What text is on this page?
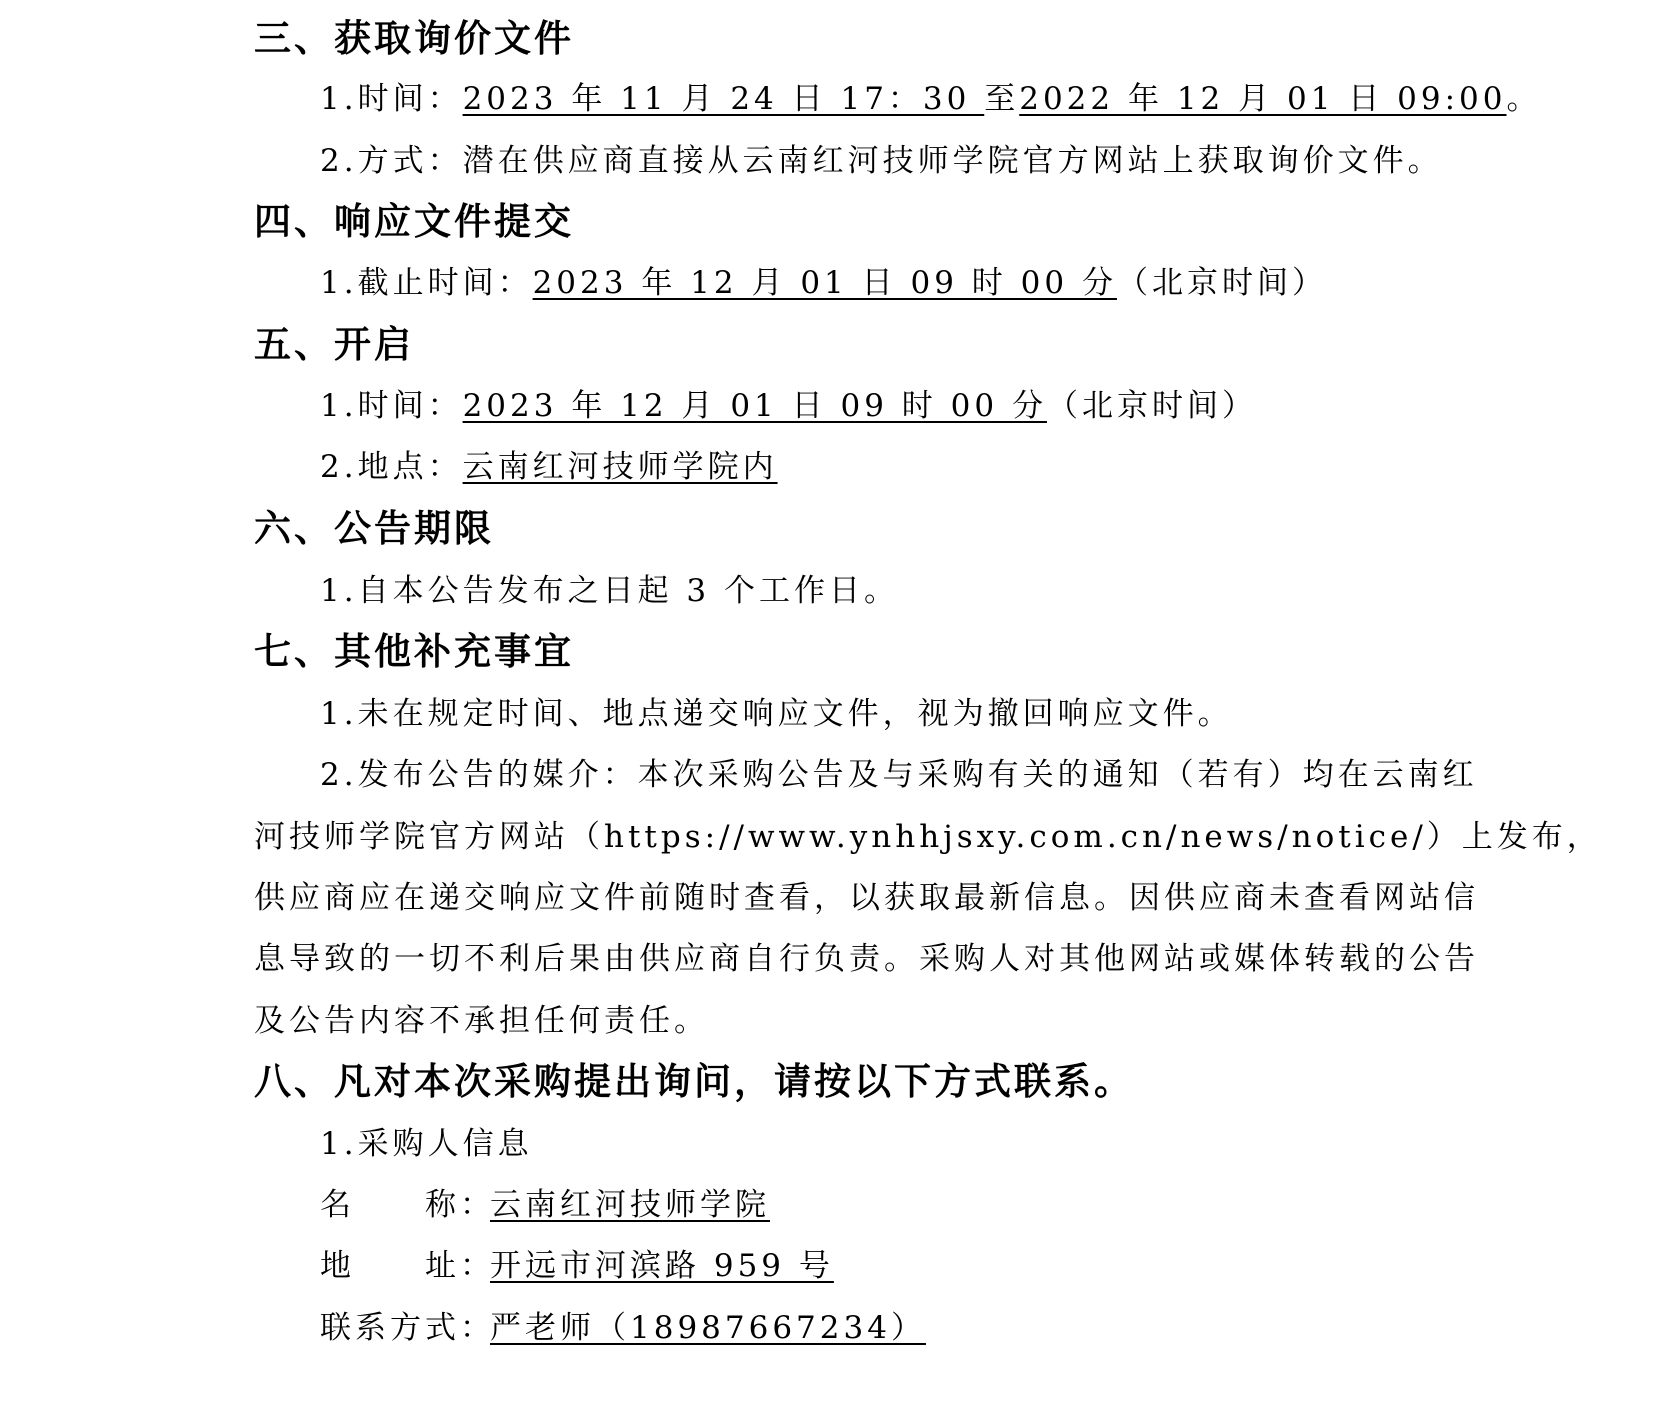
三、获取询价文件
1.时间：2023 年 11 月 24 日 17：30 至2022 年 12 月 01 日 09:00。
2.方式：潜在供应商直接从云南红河技师学院官方网站上获取询价文件。
四、响应文件提交
1.截止时间：2023 年 12 月 01 日 09 时 00 分（北京时间）
五、开启
1.时间：2023 年 12 月 01 日 09 时 00 分（北京时间）
2.地点：云南红河技师学院内
六、公告期限
1.自本公告发布之日起 3 个工作日。
七、其他补充事宜
1.未在规定时间、地点递交响应文件，视为撤回响应文件。
2.发布公告的媒介：本次采购公告及与采购有关的通知（若有）均在云南红
河技师学院官方网站（https://www.ynhhjsxy.com.cn/news/notice/）上发布，
供应商应在递交响应文件前随时查看，以获取最新信息。因供应商未查看网站信
息导致的一切不利后果由供应商自行负责。采购人对其他网站或媒体转载的公告
及公告内容不承担任何责任。
八、凡对本次采购提出询问，请按以下方式联系。
1.采购人信息
名　　称：云南红河技师学院
地　　址：开远市河滨路 959 号
联系方式：严老师（18987667234）
